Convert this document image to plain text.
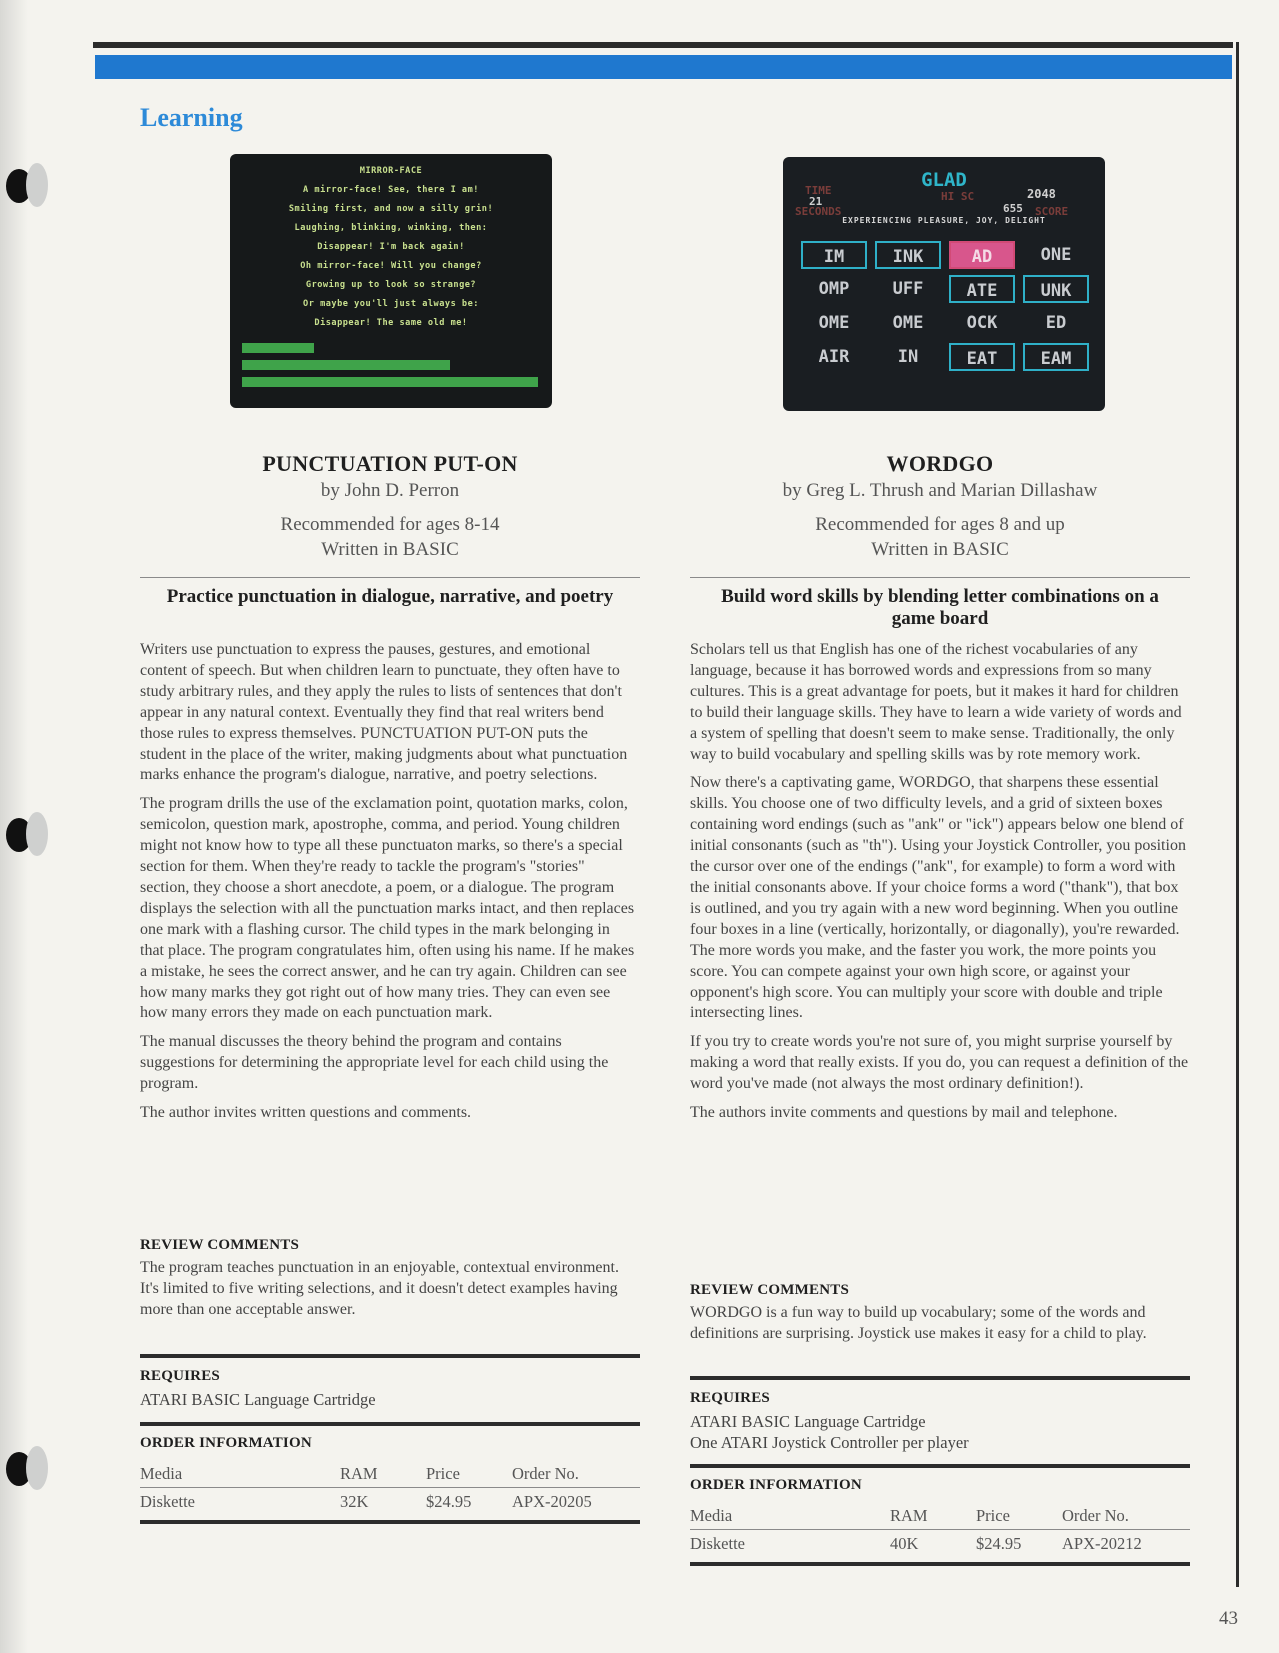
Learning
MIRROR-FACE
A mirror-face! See, there I am!
Smiling first, and now a silly grin!
Laughing, blinking, winking, then:
Disappear! I'm back again!
Oh mirror-face! Will you change?
Growing up to look so strange?
Or maybe you'll just always be:
Disappear! The same old me!
GLAD
TIME
21
SECONDS
HI SC	2048
SCORE
655
EXPERIENCING PLEASURE, JOY, DELIGHT
IM	INK	AD	ONE
OMP	UFF	ATE	UNK
OME	OME	OCK	ED
AIR	IN	EAT	EAM
PUNCTUATION PUT-ON
by John D. Perron
Recommended for ages 8-14
Written in BASIC
Practice punctuation in dialogue, narrative, and poetry

Writers use punctuation to express the pauses, gestures, and emotional content of speech. But when children learn to punctuate, they often have to study arbitrary rules, and they apply the rules to lists of sentences that don't appear in any natural context. Eventually they find that real writers bend those rules to express themselves. PUNCTUATION PUT-ON puts the student in the place of the writer, making judgments about what punctuation marks enhance the program's dialogue, narrative, and poetry selections.

The program drills the use of the exclamation point, quotation marks, colon, semicolon, question mark, apostrophe, comma, and period. Young children might not know how to type all these punctuaton marks, so there's a special section for them. When they're ready to tackle the program's "stories" section, they choose a short anecdote, a poem, or a dialogue. The program displays the selection with all the punctuation marks intact, and then replaces one mark with a flashing cursor. The child types in the mark belonging in that place. The program congratulates him, often using his name. If he makes a mistake, he sees the correct answer, and he can try again. Children can see how many marks they got right out of how many tries. They can even see how many errors they made on each punctuation mark.

The manual discusses the theory behind the program and contains suggestions for determining the appropriate level for each child using the program.

The author invites written questions and comments.

REVIEW COMMENTS
The program teaches punctuation in an enjoyable, contextual environment. It's limited to five writing selections, and it doesn't detect examples having more than one acceptable answer.
REQUIRES
ATARI BASIC Language Cartridge
ORDER INFORMATION
Media	RAM	Price	Order No.
Diskette	32K	$24.95	APX-20205
WORDGO
by Greg L. Thrush and Marian Dillashaw
Recommended for ages 8 and up
Written in BASIC
Build word skills by blending letter combinations on a game board

Scholars tell us that English has one of the richest vocabularies of any language, because it has borrowed words and expressions from so many cultures. This is a great advantage for poets, but it makes it hard for children to build their language skills. They have to learn a wide variety of words and a system of spelling that doesn't seem to make sense. Traditionally, the only way to build vocabulary and spelling skills was by rote memory work.

Now there's a captivating game, WORDGO, that sharpens these essential skills. You choose one of two difficulty levels, and a grid of sixteen boxes containing word endings (such as "ank" or "ick") appears below one blend of initial consonants (such as "th"). Using your Joystick Controller, you position the cursor over one of the endings ("ank", for example) to form a word with the initial consonants above. If your choice forms a word ("thank"), that box is outlined, and you try again with a new word beginning. When you outline four boxes in a line (vertically, horizontally, or diagonally), you're rewarded. The more words you make, and the faster you work, the more points you score. You can compete against your own high score, or against your opponent's high score. You can multiply your score with double and triple intersecting lines.

If you try to create words you're not sure of, you might surprise yourself by making a word that really exists. If you do, you can request a definition of the word you've made (not always the most ordinary definition!).

The authors invite comments and questions by mail and telephone.

REVIEW COMMENTS
WORDGO is a fun way to build up vocabulary; some of the words and definitions are surprising. Joystick use makes it easy for a child to play.
REQUIRES
ATARI BASIC Language Cartridge
One ATARI Joystick Controller per player
ORDER INFORMATION
Media	RAM	Price	Order No.
Diskette	40K	$24.95	APX-20212
43
